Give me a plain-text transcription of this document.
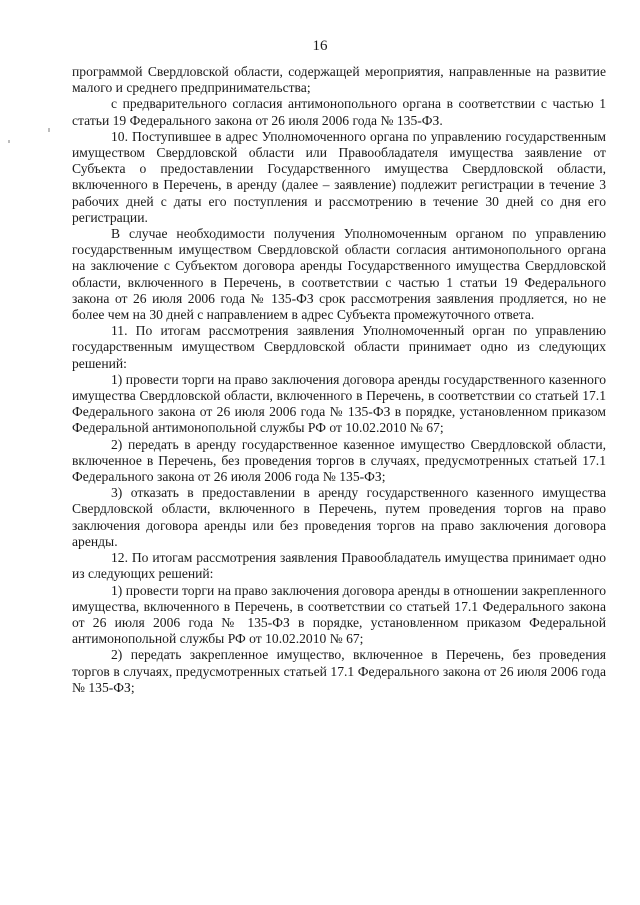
16

программой Свердловской области, содержащей мероприятия, направленные на развитие малого и среднего предпринимательства;

с предварительного согласия антимонопольного органа в соответствии с частью 1 статьи 19 Федерального закона от 26 июля 2006 года № 135-ФЗ.

10. Поступившее в адрес Уполномоченного органа по управлению государственным имуществом Свердловской области или Правообладателя имущества заявление от Субъекта о предоставлении Государственного имущества Свердловской области, включенного в Перечень, в аренду (далее – заявление) подлежит регистрации в течение 3 рабочих дней с даты его поступления и рассмотрению в течение 30 дней со дня его регистрации.

В случае необходимости получения Уполномоченным органом по управлению государственным имуществом Свердловской области согласия антимонопольного органа на заключение с Субъектом договора аренды Государственного имущества Свердловской области, включенного в Перечень, в соответствии с частью 1 статьи 19 Федерального закона от 26 июля 2006 года № 135-ФЗ срок рассмотрения заявления продляется, но не более чем на 30 дней с направлением в адрес Субъекта промежуточного ответа.

11. По итогам рассмотрения заявления Уполномоченный орган по управлению государственным имуществом Свердловской области принимает одно из следующих решений:

1) провести торги на право заключения договора аренды государственного казенного имущества Свердловской области, включенного в Перечень, в соответствии со статьей 17.1 Федерального закона от 26 июля 2006 года № 135-ФЗ в порядке, установленном приказом Федеральной антимонопольной службы РФ от 10.02.2010 № 67;

2) передать в аренду государственное казенное имущество Свердловской области, включенное в Перечень, без проведения торгов в случаях, предусмотренных статьей 17.1 Федерального закона от 26 июля 2006 года № 135-ФЗ;

3) отказать в предоставлении в аренду государственного казенного имущества Свердловской области, включенного в Перечень, путем проведения торгов на право заключения договора аренды или без проведения торгов на право заключения договора аренды.

12. По итогам рассмотрения заявления Правообладатель имущества принимает одно из следующих решений:

1) провести торги на право заключения договора аренды в отношении закрепленного имущества, включенного в Перечень, в соответствии со статьей 17.1 Федерального закона от 26 июля 2006 года № 135-ФЗ в порядке, установленном приказом Федеральной антимонопольной службы РФ от 10.02.2010 № 67;

2) передать закрепленное имущество, включенное в Перечень, без проведения торгов в случаях, предусмотренных статьей 17.1 Федерального закона от 26 июля 2006 года № 135-ФЗ;
